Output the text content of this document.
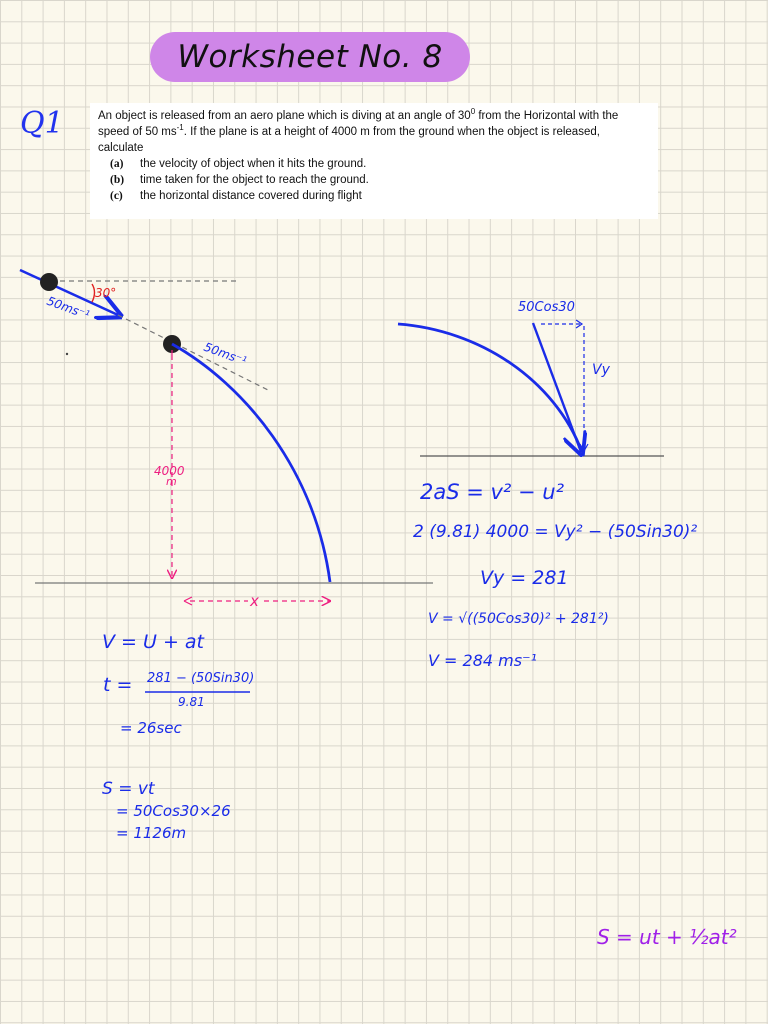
Worksheet No. 8
Q1	An object is released from an aero plane which is diving at an angle of $30^0$ from the Horizontal with the
speed of 50 $ms^{-1}$. If the plane is at a height of 4000 m from the ground when the object is released,
calculate
(a)	the velocity of object when it hits the ground.
(b)	time taken for the object to reach the ground.
(c)	the horizontal distance covered during flight
30°
50ms⁻¹
50ms⁻¹
4000
m
x
50Cos30
Vy
2aS = v² − u²
2 (9.81) 4000 = Vy² − (50Sin30)²
Vy = 281
V = √((50Cos30)² + 281²)
V = 284 ms⁻¹
V = U + at
t = 281 − (50Sin30)
9.81
= 26sec
S = vt
= 50Cos30×26
= 1126m
S = ut + ½at²
